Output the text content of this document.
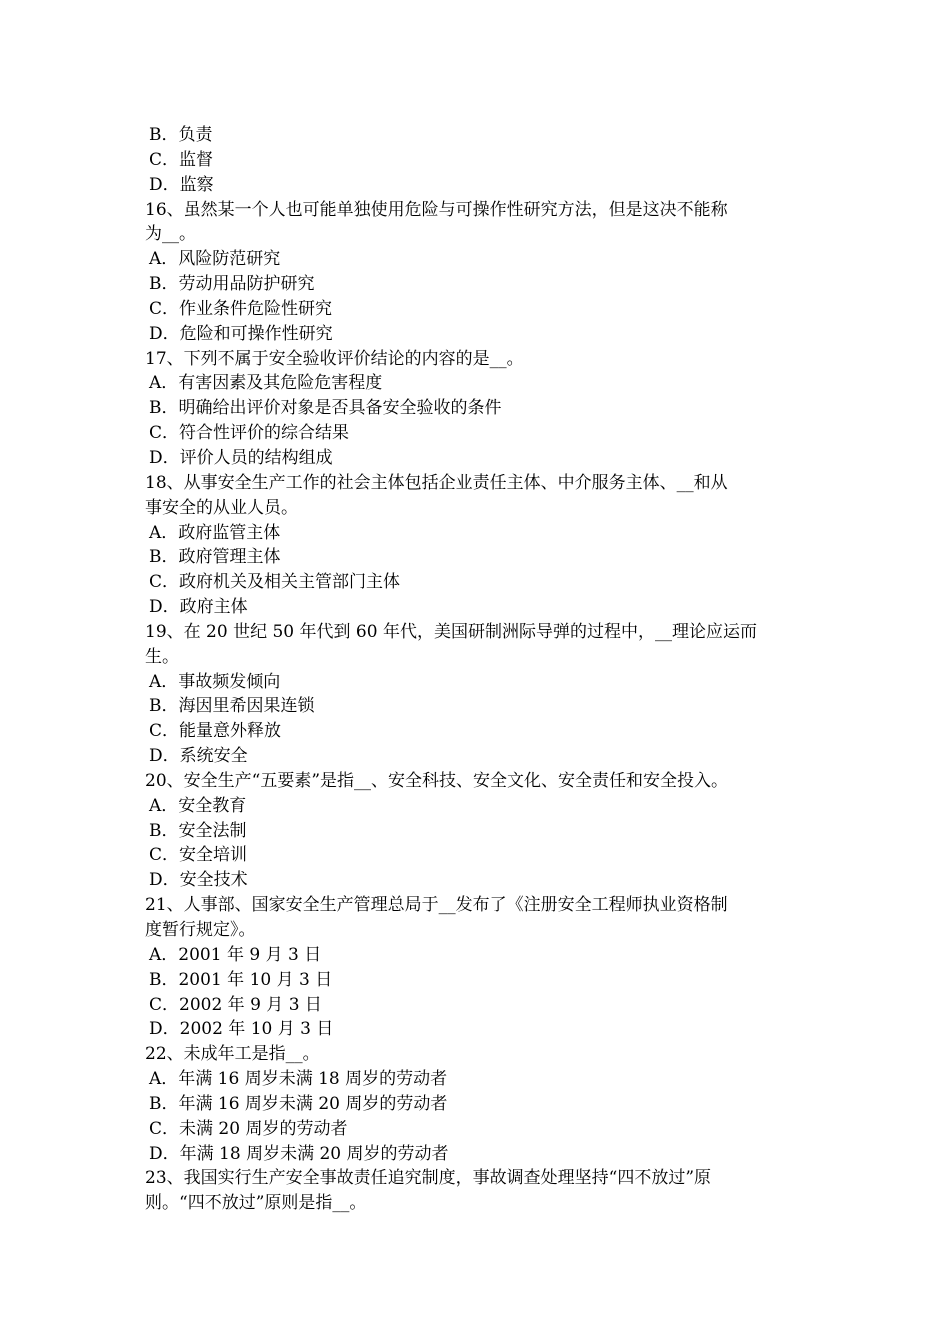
B．负责
C．监督
D．监察
16、虽然某一个人也可能单独使用危险与可操作性研究方法，但是这决不能称
为__。
A．风险防范研究
B．劳动用品防护研究
C．作业条件危险性研究
D．危险和可操作性研究
17、下列不属于安全验收评价结论的内容的是__。
A．有害因素及其危险危害程度
B．明确给出评价对象是否具备安全验收的条件
C．符合性评价的综合结果
D．评价人员的结构组成
18、从事安全生产工作的社会主体包括企业责任主体、中介服务主体、__和从
事安全的从业人员。
A．政府监管主体
B．政府管理主体
C．政府机关及相关主管部门主体
D．政府主体
19、在 20 世纪 50 年代到 60 年代，美国研制洲际导弹的过程中，__理论应运而
生。
A．事故频发倾向
B．海因里希因果连锁
C．能量意外释放
D．系统安全
20、安全生产“五要素”是指__、安全科技、安全文化、安全责任和安全投入。
A．安全教育
B．安全法制
C．安全培训
D．安全技术
21、人事部、国家安全生产管理总局于__发布了《注册安全工程师执业资格制
度暂行规定》。
A．2001 年 9 月 3 日
B．2001 年 10 月 3 日
C．2002 年 9 月 3 日
D．2002 年 10 月 3 日
22、未成年工是指__。
A．年满 16 周岁未满 18 周岁的劳动者
B．年满 16 周岁未满 20 周岁的劳动者
C．未满 20 周岁的劳动者
D．年满 18 周岁未满 20 周岁的劳动者
23、我国实行生产安全事故责任追究制度，事故调查处理坚持“四不放过”原
则。“四不放过”原则是指__。
